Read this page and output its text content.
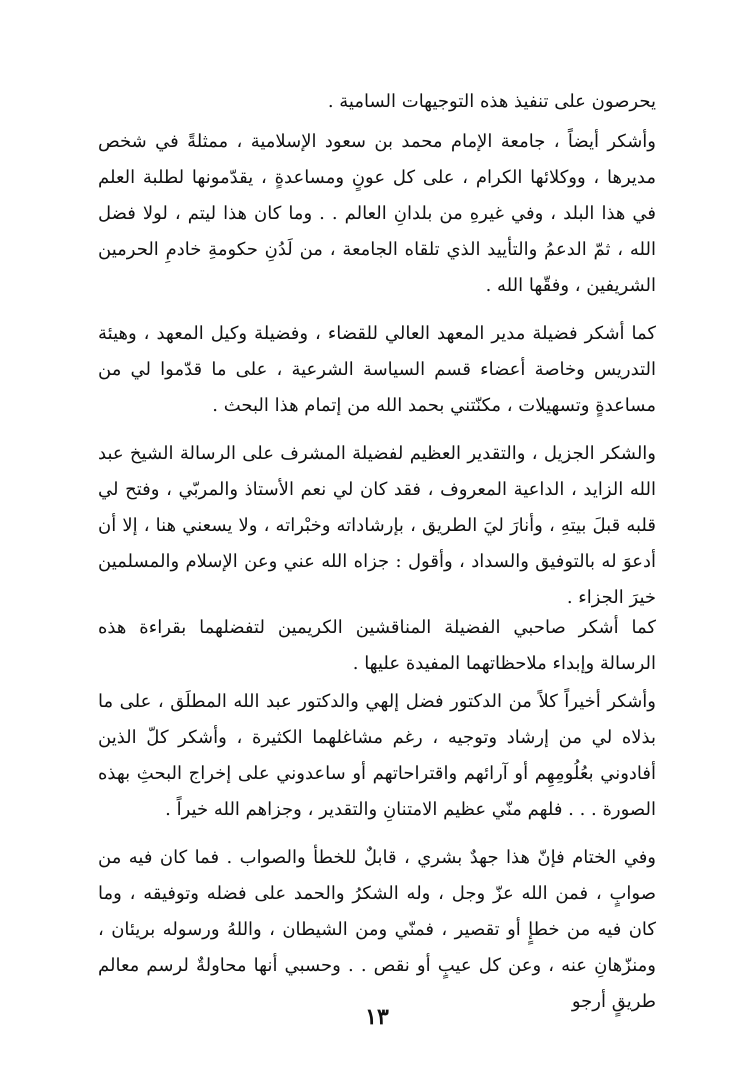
يحرصون على تنفيذ هذه التوجيهات السامية .

وأشكر أيضاً ، جامعة الإمام محمد بن سعود الإسلامية ، ممثلةً في شخص مديرها ، ووكلائها الكرام ، على كل عونٍ ومساعدةٍ ، يقدّمونها لطلبة العلم في هذا البلد ، وفي غيرهِ من بلدانِ العالم . . وما كان هذا ليتم ، لولا فضل الله ، ثمّ الدعمُ والتأييد الذي تلقاه الجامعة ، من لَدُنِ حكومةِ خادمِ الحرمين الشريفين ، وفقّها الله .

كما أشكر فضيلة مدير المعهد العالي للقضاء ، وفضيلة وكيل المعهد ، وهيئة التدريس وخاصة أعضاء قسم السياسة الشرعية ، على ما قدّموا لي من مساعدةٍ وتسهيلات ، مكنّتني بحمد الله من إتمام هذا البحث .

والشكر الجزيل ، والتقدير العظيم لفضيلة المشرف على الرسالة الشيخ عبد الله الزايد ، الداعية المعروف ، فقد كان لي نعم الأستاذ والمربّي ، وفتح لي قلبه قبلَ بيتهِ ، وأنارَ ليَ الطريق ، بإرشاداته وخبْراته ، ولا يسعني هنا ، إلا أن أدعوَ له بالتوفيق والسداد ، وأقول : جزاه الله عني وعن الإسلام والمسلمين خيرَ الجزاء .

كما أشكر صاحبي الفضيلة المناقشين الكريمين لتفضلهما بقراءة هذه الرسالة وإبداء ملاحظاتهما المفيدة عليها .

وأشكر أخيراً كلاً من الدكتور فضل إلهي والدكتور عبد الله المطلَق ، على ما بذلاه لي من إرشاد وتوجيه ، رغم مشاغلهما الكثيرة ، وأشكر كلّ الذين أفادوني بعُلُومِهِم أو آرائهم واقتراحاتهم أو ساعدوني على إخراج البحثِ بهذه الصورة . . . فلهم منّي عظيم الامتنانِ والتقدير ، وجزاهم الله خيراً .

وفي الختام فإنّ هذا جهدٌ بشري ، قابلٌ للخطأ والصواب . فما كان فيه من صوابٍ ، فمن الله عزّ وجل ، وله الشكرُ والحمد على فضله وتوفيقه ، وما كان فيه من خطإٍ أو تقصير ، فمنّي ومن الشيطان ، واللهُ ورسوله بريئان ، ومنزّهانِ عنه ، وعن كل عيبٍ أو نقص . . وحسبي أنها محاولةٌ لرسم معالم طريقٍ أرجو

١٣
